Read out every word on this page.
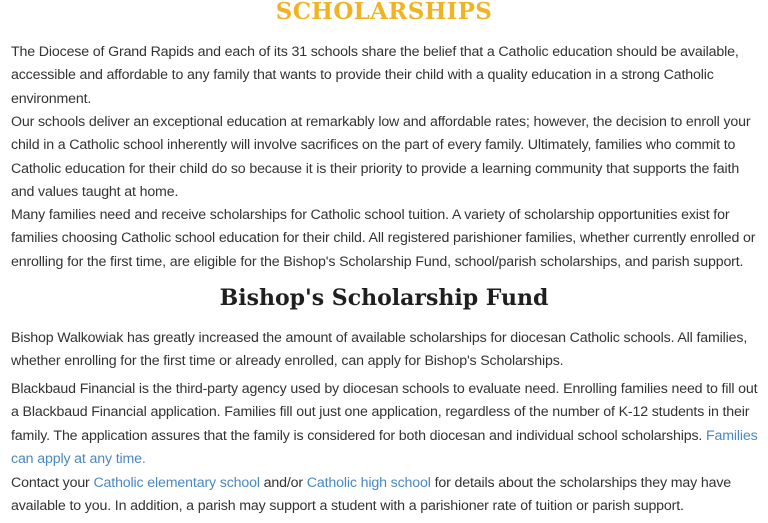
SCHOLARSHIPS

The Diocese of Grand Rapids and each of its 31 schools share the belief that a Catholic education should be available, accessible and affordable to any family that wants to provide their child with a quality education in a strong Catholic environment.

Our schools deliver an exceptional education at remarkably low and affordable rates; however, the decision to enroll your child in a Catholic school inherently will involve sacrifices on the part of every family. Ultimately, families who commit to Catholic education for their child do so because it is their priority to provide a learning community that supports the faith and values taught at home.

Many families need and receive scholarships for Catholic school tuition. A variety of scholarship opportunities exist for families choosing Catholic school education for their child. All registered parishioner families, whether currently enrolled or enrolling for the first time, are eligible for the Bishop's Scholarship Fund, school/parish scholarships, and parish support.

Bishop's Scholarship Fund

Bishop Walkowiak has greatly increased the amount of available scholarships for diocesan Catholic schools. All families, whether enrolling for the first time or already enrolled, can apply for Bishop's Scholarships.

Blackbaud Financial is the third-party agency used by diocesan schools to evaluate need. Enrolling families need to fill out a Blackbaud Financial application. Families fill out just one application, regardless of the number of K-12 students in their family. The application assures that the family is considered for both diocesan and individual school scholarships. Families can apply at any time.

Contact your Catholic elementary school and/or Catholic high school for details about the scholarships they may have available to you. In addition, a parish may support a student with a parishioner rate of tuition or parish support.
